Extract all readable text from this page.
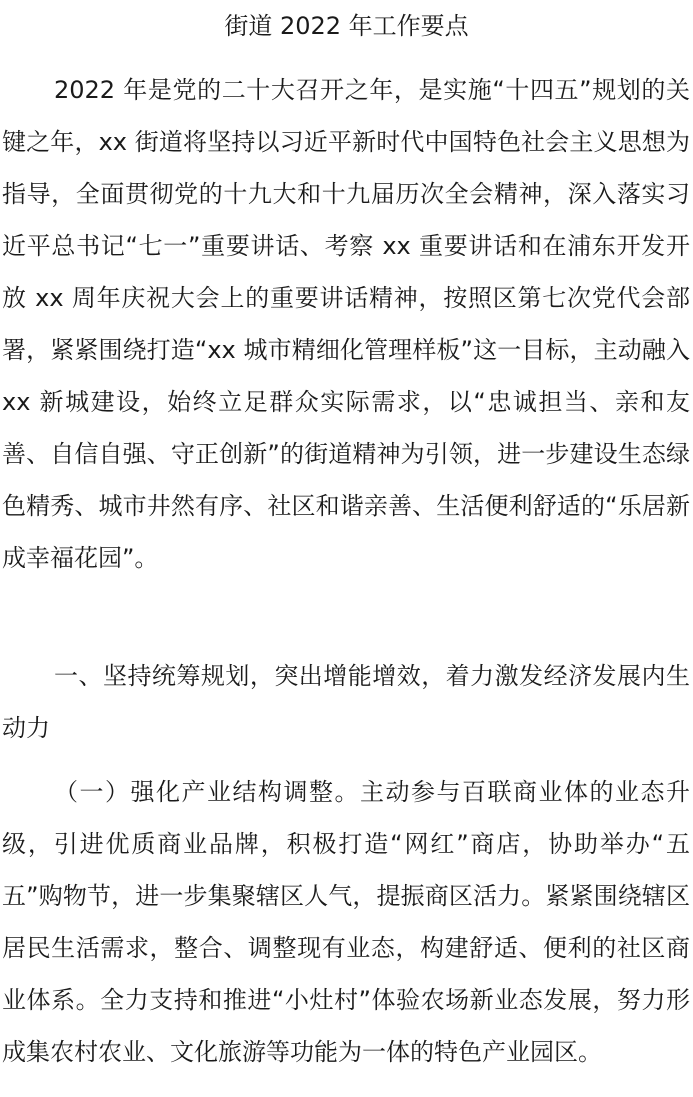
街道 2022 年工作要点

2022 年是党的二十大召开之年，是实施“十四五”规划的关键之年，xx 街道将坚持以习近平新时代中国特色社会主义思想为指导，全面贯彻党的十九大和十九届历次全会精神，深入落实习近平总书记“七一”重要讲话、考察 xx 重要讲话和在浦东开发开放 xx 周年庆祝大会上的重要讲话精神，按照区第七次党代会部署，紧紧围绕打造“xx 城市精细化管理样板”这一目标，主动融入 xx 新城建设，始终立足群众实际需求，以“忠诚担当、亲和友善、自信自强、守正创新”的街道精神为引领，进一步建设生态绿色精秀、城市井然有序、社区和谐亲善、生活便利舒适的“乐居新成幸福花园”。

一、坚持统筹规划，突出增能增效，着力激发经济发展内生动力

（一）强化产业结构调整。主动参与百联商业体的业态升级，引进优质商业品牌，积极打造“网红”商店，协助举办“五五”购物节，进一步集聚辖区人气，提振商区活力。紧紧围绕辖区居民生活需求，整合、调整现有业态，构建舒适、便利的社区商业体系。全力支持和推进“小灶村”体验农场新业态发展，努力形成集农村农业、文化旅游等功能为一体的特色产业园区。
